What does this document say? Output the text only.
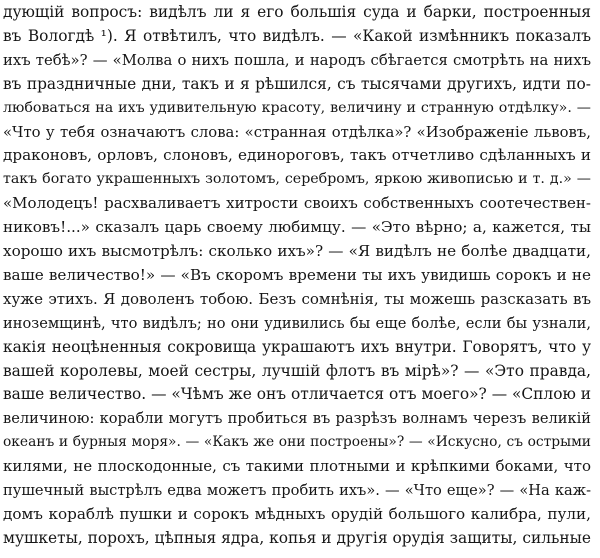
дующій вопросъ: видѣлъ ли я его большія суда и барки, построенныя
въ Вологдѣ ¹). Я отвѣтилъ, что видѣлъ. — «Какой измѣнникъ показалъ
ихъ тебѣ»? — «Молва о нихъ пошла, и народъ сбѣгается смотрѣть на нихъ
въ праздничные дни, такъ и я рѣшился, съ тысячами другихъ, идти по-
любоваться на ихъ удивительную красоту, величину и странную отдѣлку». —
«Что у тебя означаютъ слова: «странная отдѣлка»? «Изображеніе львовъ,
драконовъ, орловъ, слоновъ, единороговъ, такъ отчетливо сдѣланныхъ и
такъ богато украшенныхъ золотомъ, серебромъ, яркою живописью и т. д.» —
«Молодецъ! расхваливаетъ хитрости своихъ собственныхъ соотечествен-
никовъ!...» сказалъ царь своему любимцу. — «Это вѣрно; а, кажется, ты
хорошо ихъ высмотрѣлъ: сколько ихъ»? — «Я видѣлъ не болѣе двадцати,
ваше величество!» — «Въ скоромъ времени ты ихъ увидишь сорокъ и не
хуже этихъ. Я доволенъ тобою. Безъ сомнѣнія, ты можешь разсказать въ
иноземщинѣ, что видѣлъ; но они удивились бы еще болѣе, если бы узнали,
какія неоцѣненныя сокровища украшаютъ ихъ внутри. Говорятъ, что у
вашей королевы, моей сестры, лучшій флотъ въ мірѣ»? — «Это правда,
ваше величество. — «Чѣмъ же онъ отличается отъ моего»? — «Сплою и
величиною: корабли могутъ пробиться въ разрѣзъ волнамъ черезъ великій
океанъ и бурныя моря». — «Какъ же они построены»? — «Искусно, съ острыми
килями, не плоскодонные, съ такими плотными и крѣпкими боками, что
пушечный выстрѣлъ едва можетъ пробить ихъ». — «Что еще»? — «На каж-
домъ кораблѣ пушки и сорокъ мѣдныхъ орудій большого калибра, пули,
мушкеты, порохъ, цѣпныя ядра, копья и другія орудія защиты, сильные
